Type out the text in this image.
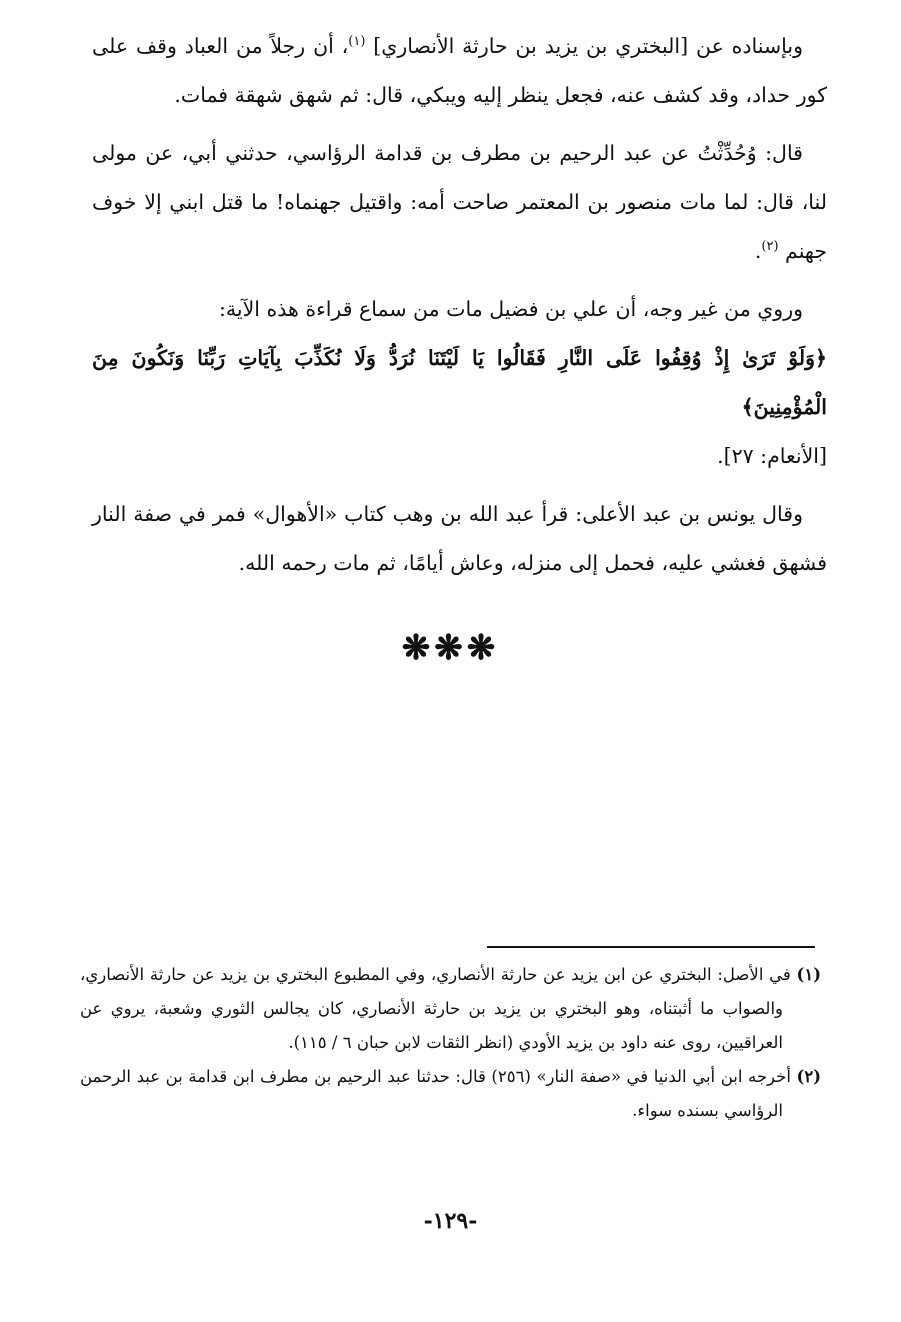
وبإسناده عن [البختري بن يزيد بن حارثة الأنصاري] $^{(١)}$، أن رجلاً من العباد وقف على كور حداد، وقد كشف عنه، فجعل ينظر إليه ويبكي، قال: ثم شهق شهقة فمات.

قال: وُحُدِّثْتُ عن عبد الرحيم بن مطرف بن قدامة الرؤاسي، حدثني أبي، عن مولى لنا، قال: لما مات منصور بن المعتمر صاحت أمه: واقتيل جهنماه! ما قتل ابني إلا خوف جهنم $^{(٢)}$.

وروي من غير وجه، أن علي بن فضيل مات من سماع قراءة هذه الآية:
﴿وَلَوْ تَرَىٰ إِذْ وُقِفُوا عَلَى النَّارِ فَقَالُوا يَا لَيْتَنَا نُرَدُّ وَلَا نُكَذِّبَ بِآيَاتِ رَبِّنَا وَنَكُونَ مِنَ الْمُؤْمِنِينَ﴾
[الأنعام: ٢٧].

وقال يونس بن عبد الأعلى: قرأ عبد الله بن وهب كتاب «الأهوال» فمر في صفة النار فشهق فغشي عليه، فحمل إلى منزله، وعاش أيامًا، ثم مات رحمه الله.

❋❋❋

(١) في الأصل: البختري عن ابن يزيد عن حارثة الأنصاري، وفي المطبوع البختري بن يزيد عن حارثة الأنصاري، والصواب ما أثبتناه، وهو البختري بن يزيد بن حارثة الأنصاري، كان يجالس الثوري وشعبة، يروي عن العراقيين، روى عنه داود بن يزيد الأودي (انظر الثقات لابن حبان ٦ / ١١٥).

(٢) أخرجه ابن أبي الدنيا في «صفة النار» (٢٥٦) قال: حدثنا عبد الرحيم بن مطرف ابن قدامة بن عبد الرحمن الرؤاسي بسنده سواء.

-١٢٩-
